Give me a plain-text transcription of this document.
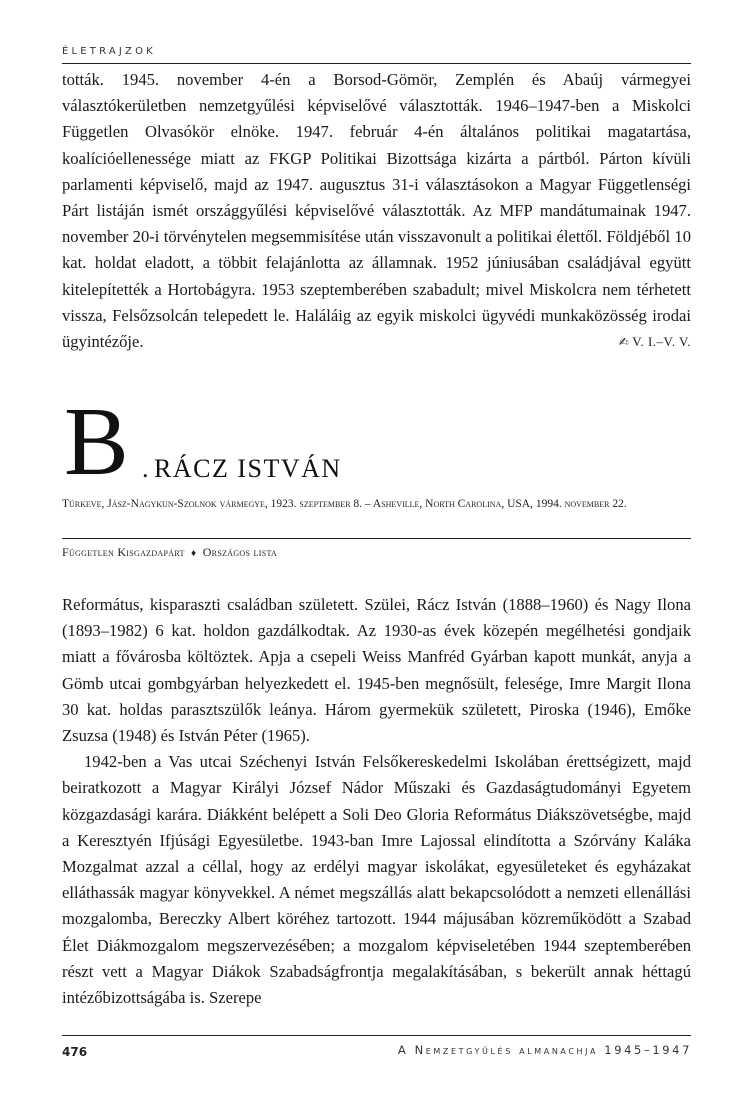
ÉLETRAJZOK

tották. 1945. november 4-én a Borsod-Gömör, Zemplén és Abaúj vármegyei választókerületben nemzetgyűlési képviselővé választották. 1946–1947-ben a Miskolci Független Olvasókör elnöke. 1947. február 4-én általános politikai magatartása, koalícióellenessége miatt az FKGP Politikai Bizottsága kizárta a pártból. Párton kívüli parlamenti képviselő, majd az 1947. augusztus 31-i választásokon a Magyar Függetlenségi Párt listáján ismét országgyűlési képviselővé választották. Az MFP mandátumainak 1947. november 20-i törvénytelen megsemmisítése után visszavonult a politikai élettől. Földjéből 10 kat. holdat eladott, a többit felajánlotta az államnak. 1952 júniusában családjával együtt kitelepítették a Hortobágyra. 1953 szeptemberében szabadult; mivel Miskolcra nem térhetett vissza, Felsőzsolcán telepedett le. Haláláig az egyik miskolci ügyvédi munkaközösség irodai ügyintézője.	✍ V. I.–V. V.

B . RÁCZ ISTVÁN
Túrkeve, Jász-Nagykun-Szolnok vármegye, 1923. szeptember 8. – Asheville, North Carolina, USA, 1994. november 22.
Független Kisgazdapárt ♦ Országos lista

Református, kisparaszti családban született. Szülei, Rácz István (1888–1960) és Nagy Ilona (1893–1982) 6 kat. holdon gazdálkodtak. Az 1930-as évek közepén megélhetési gondjaik miatt a fővárosba költöztek. Apja a csepeli Weiss Manfréd Gyárban kapott munkát, anyja a Gömb utcai gombgyárban helyezkedett el. 1945-ben megnősült, felesége, Imre Margit Ilona 30 kat. holdas parasztszülők leánya. Három gyermekük született, Piroska (1946), Emőke Zsuzsa (1948) és István Péter (1965).

1942-ben a Vas utcai Széchenyi István Felsőkereskedelmi Iskolában érettségizett, majd beiratkozott a Magyar Királyi József Nádor Műszaki és Gazdaságtudományi Egyetem közgazdasági karára. Diákként belépett a Soli Deo Gloria Református Diákszövetségbe, majd a Keresztyén Ifjúsági Egyesületbe. 1943-ban Imre Lajossal elindította a Szórvány Kaláka Mozgalmat azzal a céllal, hogy az erdélyi magyar iskolákat, egyesületeket és egyházakat elláthassák magyar könyvekkel. A német megszállás alatt bekapcsolódott a nemzeti ellenállási mozgalomba, Bereczky Albert köréhez tartozott. 1944 májusában közreműködött a Szabad Élet Diákmozgalom megszervezésében; a mozgalom képviseletében 1944 szeptemberében részt vett a Magyar Diákok Szabadságfrontja megalakításában, s bekerült annak héttagú intézőbizottságába is. Szerepe

476	A Nemzetgyűlés almanachja 1945–1947
